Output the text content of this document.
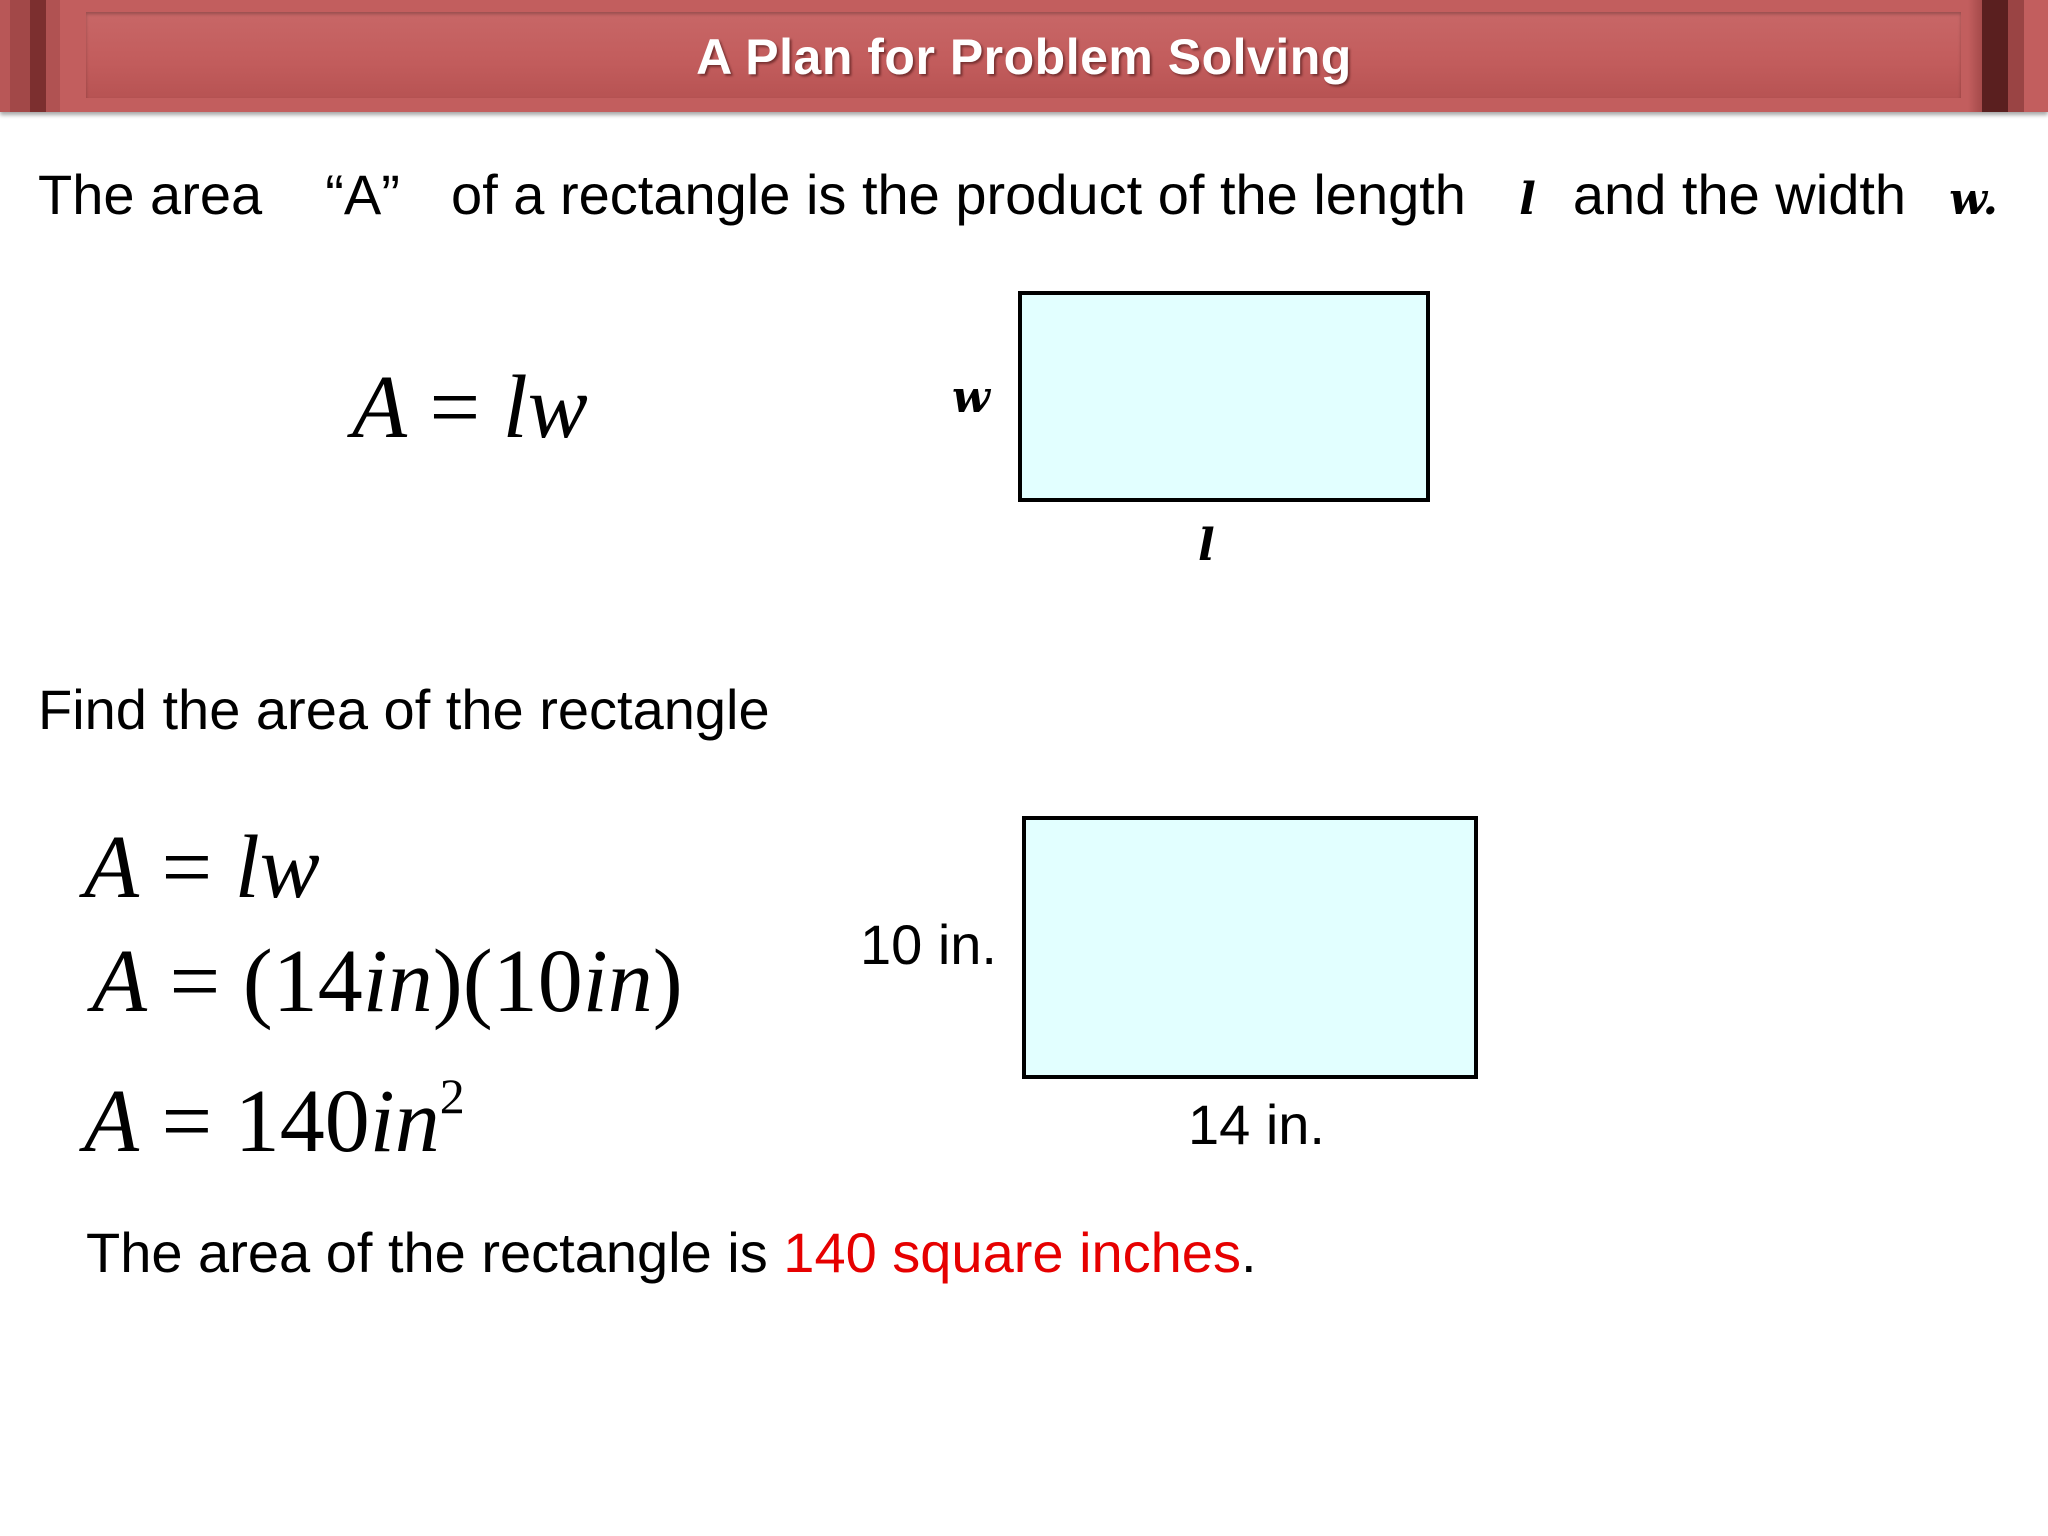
A Plan for Problem Solving
The area “A” of a rectangle is the product of the length l and the width w.
A = lw	w
l
Find the area of the rectangle
A = lw
A = (14in)(10in)
$A = 140in^2$
10 in.
14 in.
The area of the rectangle is 140 square inches.
